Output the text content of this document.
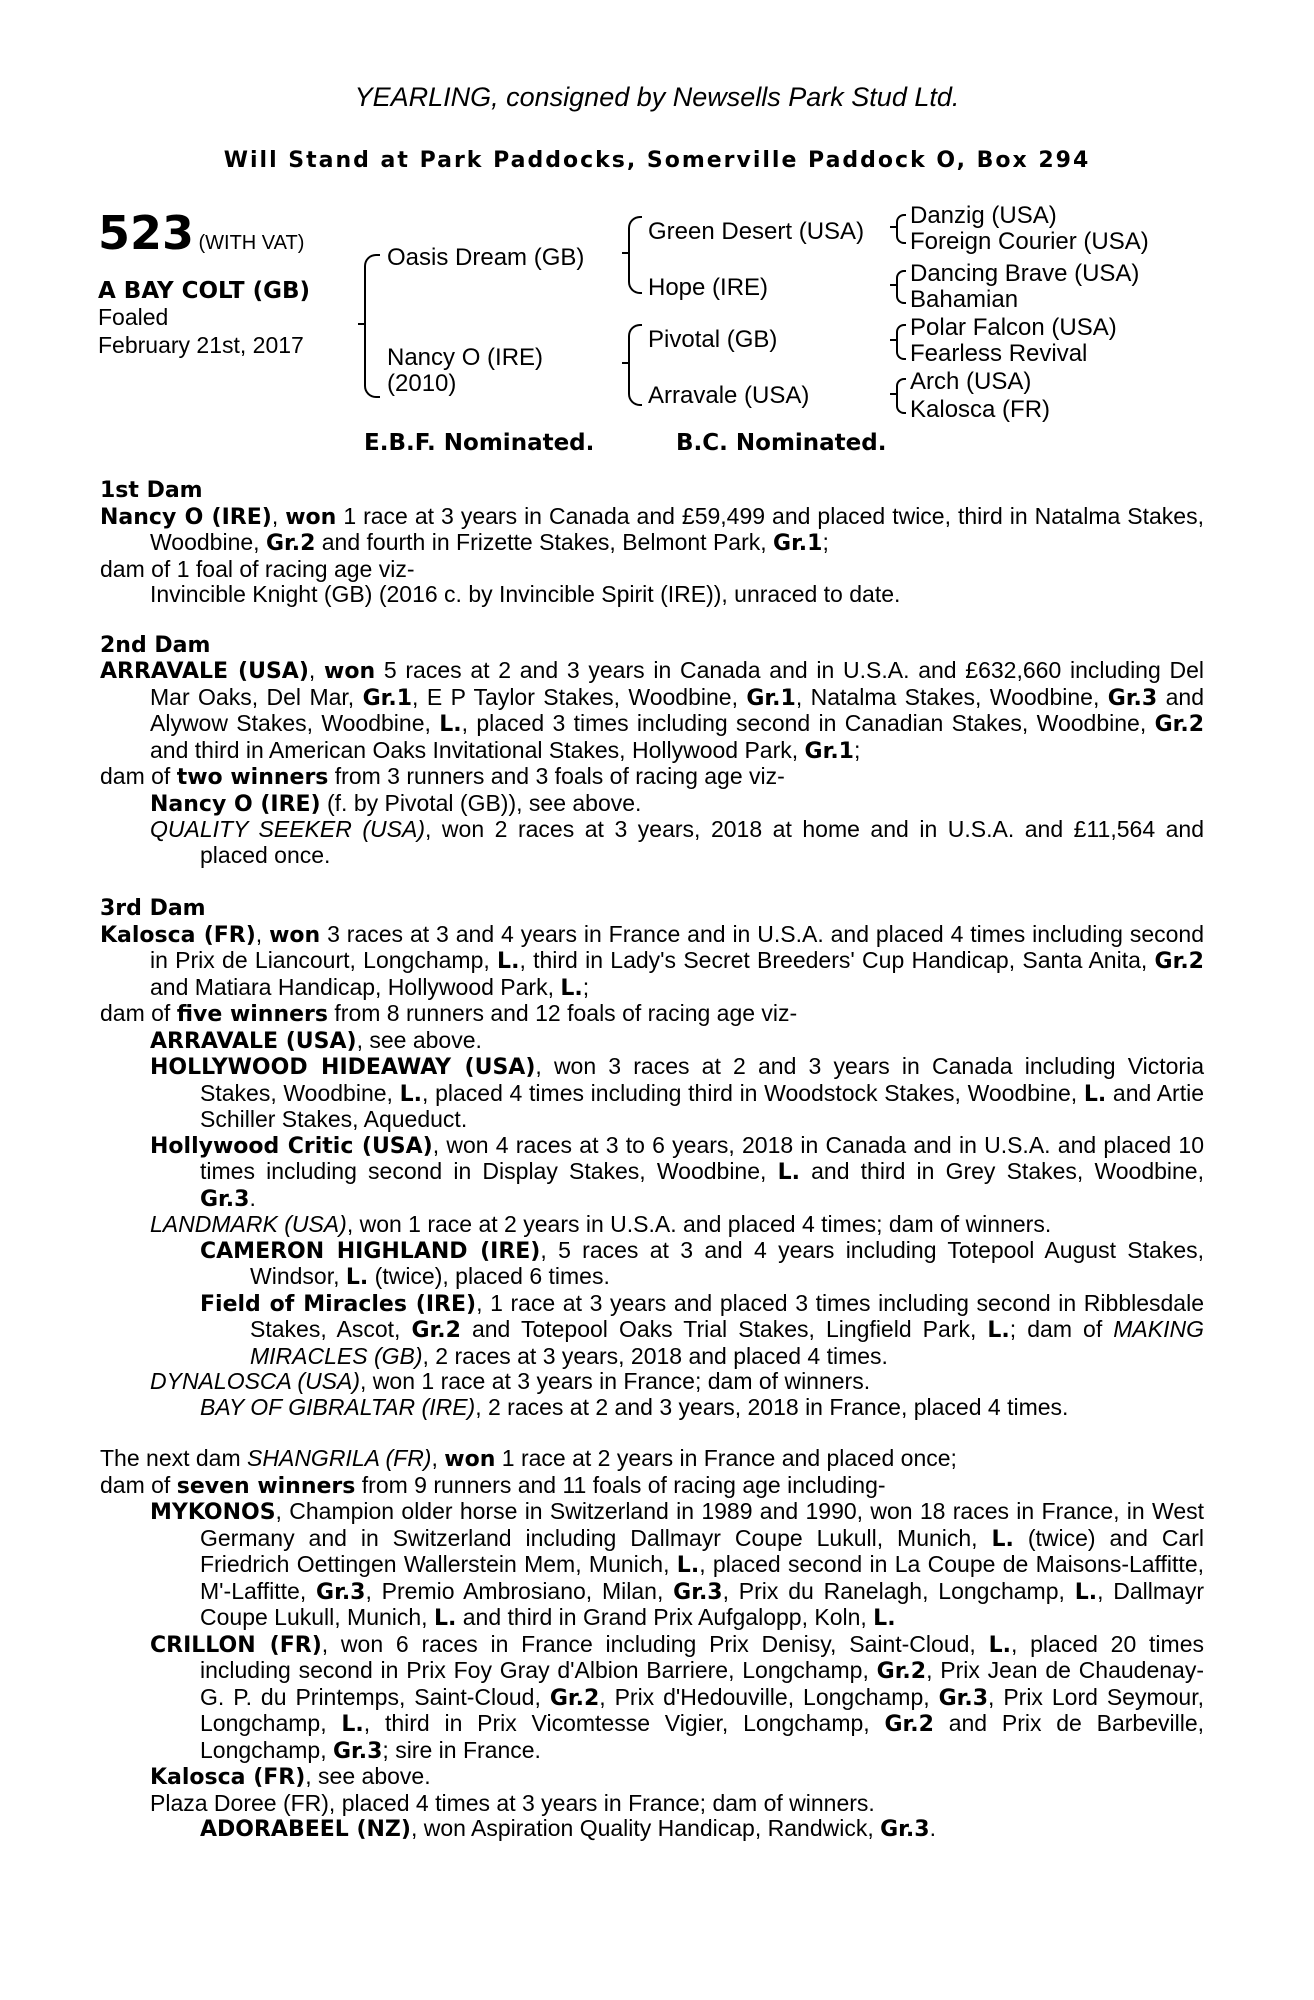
YEARLING, consigned by Newsells Park Stud Ltd.
Will Stand at Park Paddocks, Somerville Paddock O, Box 294
523 (WITH VAT)
A BAY COLT (GB)
Foaled
February 21st, 2017
Oasis Dream (GB)
Nancy O (IRE)
(2010)
Green Desert (USA)
Hope (IRE)
Pivotal (GB)
Arravale (USA)
Danzig (USA)
Foreign Courier (USA)
Dancing Brave (USA)
Bahamian
Polar Falcon (USA)
Fearless Revival
Arch (USA)
Kalosca (FR)
E.B.F. Nominated.	B.C. Nominated.
1st Dam

Nancy O (IRE), won 1 race at 3 years in Canada and £59,499 and placed twice, third in Natalma Stakes, Woodbine, Gr.2 and fourth in Frizette Stakes, Belmont Park, Gr.1;

dam of 1 foal of racing age viz-

Invincible Knight (GB) (2016 c. by Invincible Spirit (IRE)), unraced to date.

2nd Dam

ARRAVALE (USA), won 5 races at 2 and 3 years in Canada and in U.S.A. and £632,660 including Del Mar Oaks, Del Mar, Gr.1, E P Taylor Stakes, Woodbine, Gr.1, Natalma Stakes, Woodbine, Gr.3 and Alywow Stakes, Woodbine, L., placed 3 times including second in Canadian Stakes, Woodbine, Gr.2 and third in American Oaks Invitational Stakes, Hollywood Park, Gr.1;

dam of two winners from 3 runners and 3 foals of racing age viz-

Nancy O (IRE) (f. by Pivotal (GB)), see above.

QUALITY SEEKER (USA), won 2 races at 3 years, 2018 at home and in U.S.A. and £11,564 and placed once.

3rd Dam

Kalosca (FR), won 3 races at 3 and 4 years in France and in U.S.A. and placed 4 times including second in Prix de Liancourt, Longchamp, L., third in Lady's Secret Breeders' Cup Handicap, Santa Anita, Gr.2 and Matiara Handicap, Hollywood Park, L.;

dam of five winners from 8 runners and 12 foals of racing age viz-

ARRAVALE (USA), see above.

HOLLYWOOD HIDEAWAY (USA), won 3 races at 2 and 3 years in Canada including Victoria Stakes, Woodbine, L., placed 4 times including third in Woodstock Stakes, Woodbine, L. and Artie Schiller Stakes, Aqueduct.

Hollywood Critic (USA), won 4 races at 3 to 6 years, 2018 in Canada and in U.S.A. and placed 10 times including second in Display Stakes, Woodbine, L. and third in Grey Stakes, Woodbine, Gr.3.

LANDMARK (USA), won 1 race at 2 years in U.S.A. and placed 4 times; dam of winners.

CAMERON HIGHLAND (IRE), 5 races at 3 and 4 years including Totepool August Stakes, Windsor, L. (twice), placed 6 times.

Field of Miracles (IRE), 1 race at 3 years and placed 3 times including second in Ribblesdale Stakes, Ascot, Gr.2 and Totepool Oaks Trial Stakes, Lingfield Park, L.; dam of MAKING MIRACLES (GB), 2 races at 3 years, 2018 and placed 4 times.

DYNALOSCA (USA), won 1 race at 3 years in France; dam of winners.

BAY OF GIBRALTAR (IRE), 2 races at 2 and 3 years, 2018 in France, placed 4 times.

The next dam SHANGRILA (FR), won 1 race at 2 years in France and placed once;

dam of seven winners from 9 runners and 11 foals of racing age including-

MYKONOS, Champion older horse in Switzerland in 1989 and 1990, won 18 races in France, in West Germany and in Switzerland including Dallmayr Coupe Lukull, Munich, L. (twice) and Carl Friedrich Oettingen Wallerstein Mem, Munich, L., placed second in La Coupe de Maisons-Laffitte, M'-Laffitte, Gr.3, Premio Ambrosiano, Milan, Gr.3, Prix du Ranelagh, Longchamp, L., Dallmayr Coupe Lukull, Munich, L. and third in Grand Prix Aufgalopp, Koln, L.

CRILLON (FR), won 6 races in France including Prix Denisy, Saint-Cloud, L., placed 20 times including second in Prix Foy Gray d'Albion Barriere, Longchamp, Gr.2, Prix Jean de Chaudenay-G. P. du Printemps, Saint-Cloud, Gr.2, Prix d'Hedouville, Longchamp, Gr.3, Prix Lord Seymour, Longchamp, L., third in Prix Vicomtesse Vigier, Longchamp, Gr.2 and Prix de Barbeville, Longchamp, Gr.3; sire in France.

Kalosca (FR), see above.

Plaza Doree (FR), placed 4 times at 3 years in France; dam of winners.

ADORABEEL (NZ), won Aspiration Quality Handicap, Randwick, Gr.3.
